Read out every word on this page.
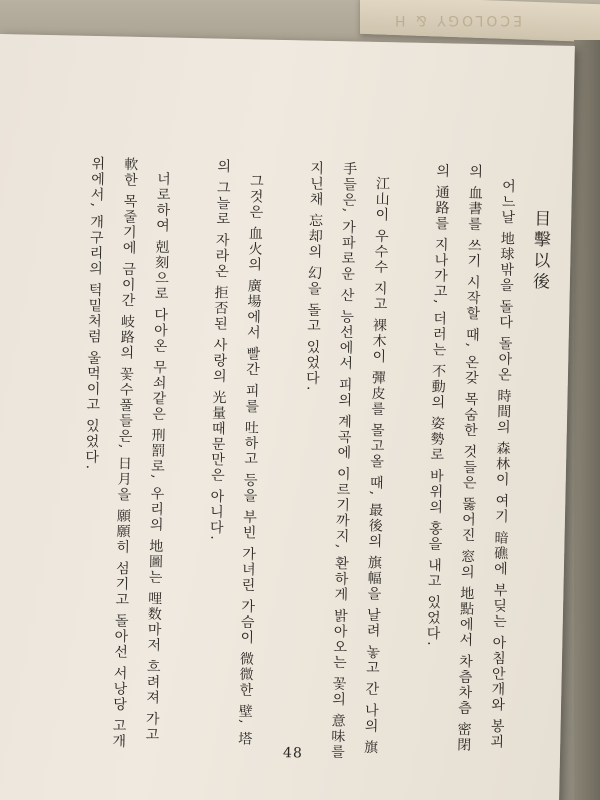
ECOLOGY & H
目擊以後
어느날 地球밖을 돌다 돌아온 時間의 森林이 여기 暗礁에 부딪는 아침안개와 봉괴
의 血書를 쓰기 시작할 때, 온갖 목숨한 것들은 뚫어진 窓의 地點에서 차츰차츰 密閉
의 通路를 지나가고, 더러는 不動의 姿勢로 바위의 홍을 내고 있었다.
江山이 우수수 지고 裸木이 彈皮를 몰고올 때, 最後의 旗幅을 날려 놓고 간 나의 旗
手들은, 가파로운 산 능선에서 피의 계곡에 이르기까지, 환하게 밝아오는 꽃의 意味를
지닌채 忘却의 幻을 돌고 있었다.
그것은 血火의 廣場에서 빨간 피를 吐하고 등을 부빈 가녀린 가슴이 微微한 壁, 塔
의 그늘로 자라온 拒否된 사랑의 光量때문만은 아니다.
너로하여 剋刻으로 다아온 무쇠같은 刑罰로, 우리의 地圖는 哩数마저 흐려져 가고
軟한 목줄기에 금이간 岐路의 꽃수풀들은, 日月을 願願히 섬기고 돌아선 서낭당 고개
위에서, 개구리의 턱밑처럼 울먹이고 있었다.
48
